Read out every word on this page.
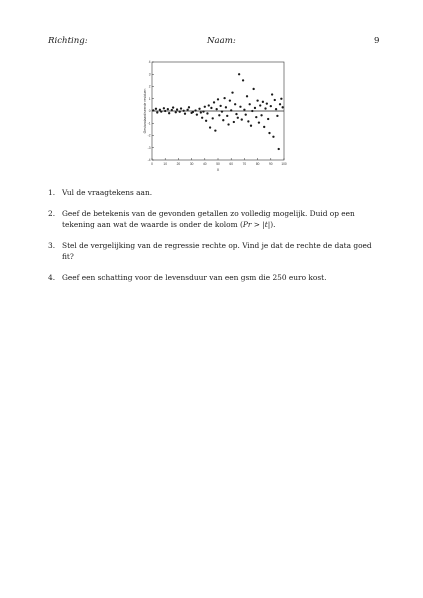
Richting:	Naam:	9
0	10	20	30	40	50	60	70	80	90	100
-4
-3
-2
-1
0
1
2
3
4
X
Gestandaardiseerde residuen
1. Vul de vraagtekens aan.
2. Geef de betekenis van de gevonden getallen zo volledig mogelijk. Duid op een tekening aan wat de waarde is onder de kolom (Pr > |t|).
3. Stel de vergelijking van de regressie rechte op. Vind je dat de rechte de data goed fit?
4. Geef een schatting voor de levensduur van een gsm die 250 euro kost.
